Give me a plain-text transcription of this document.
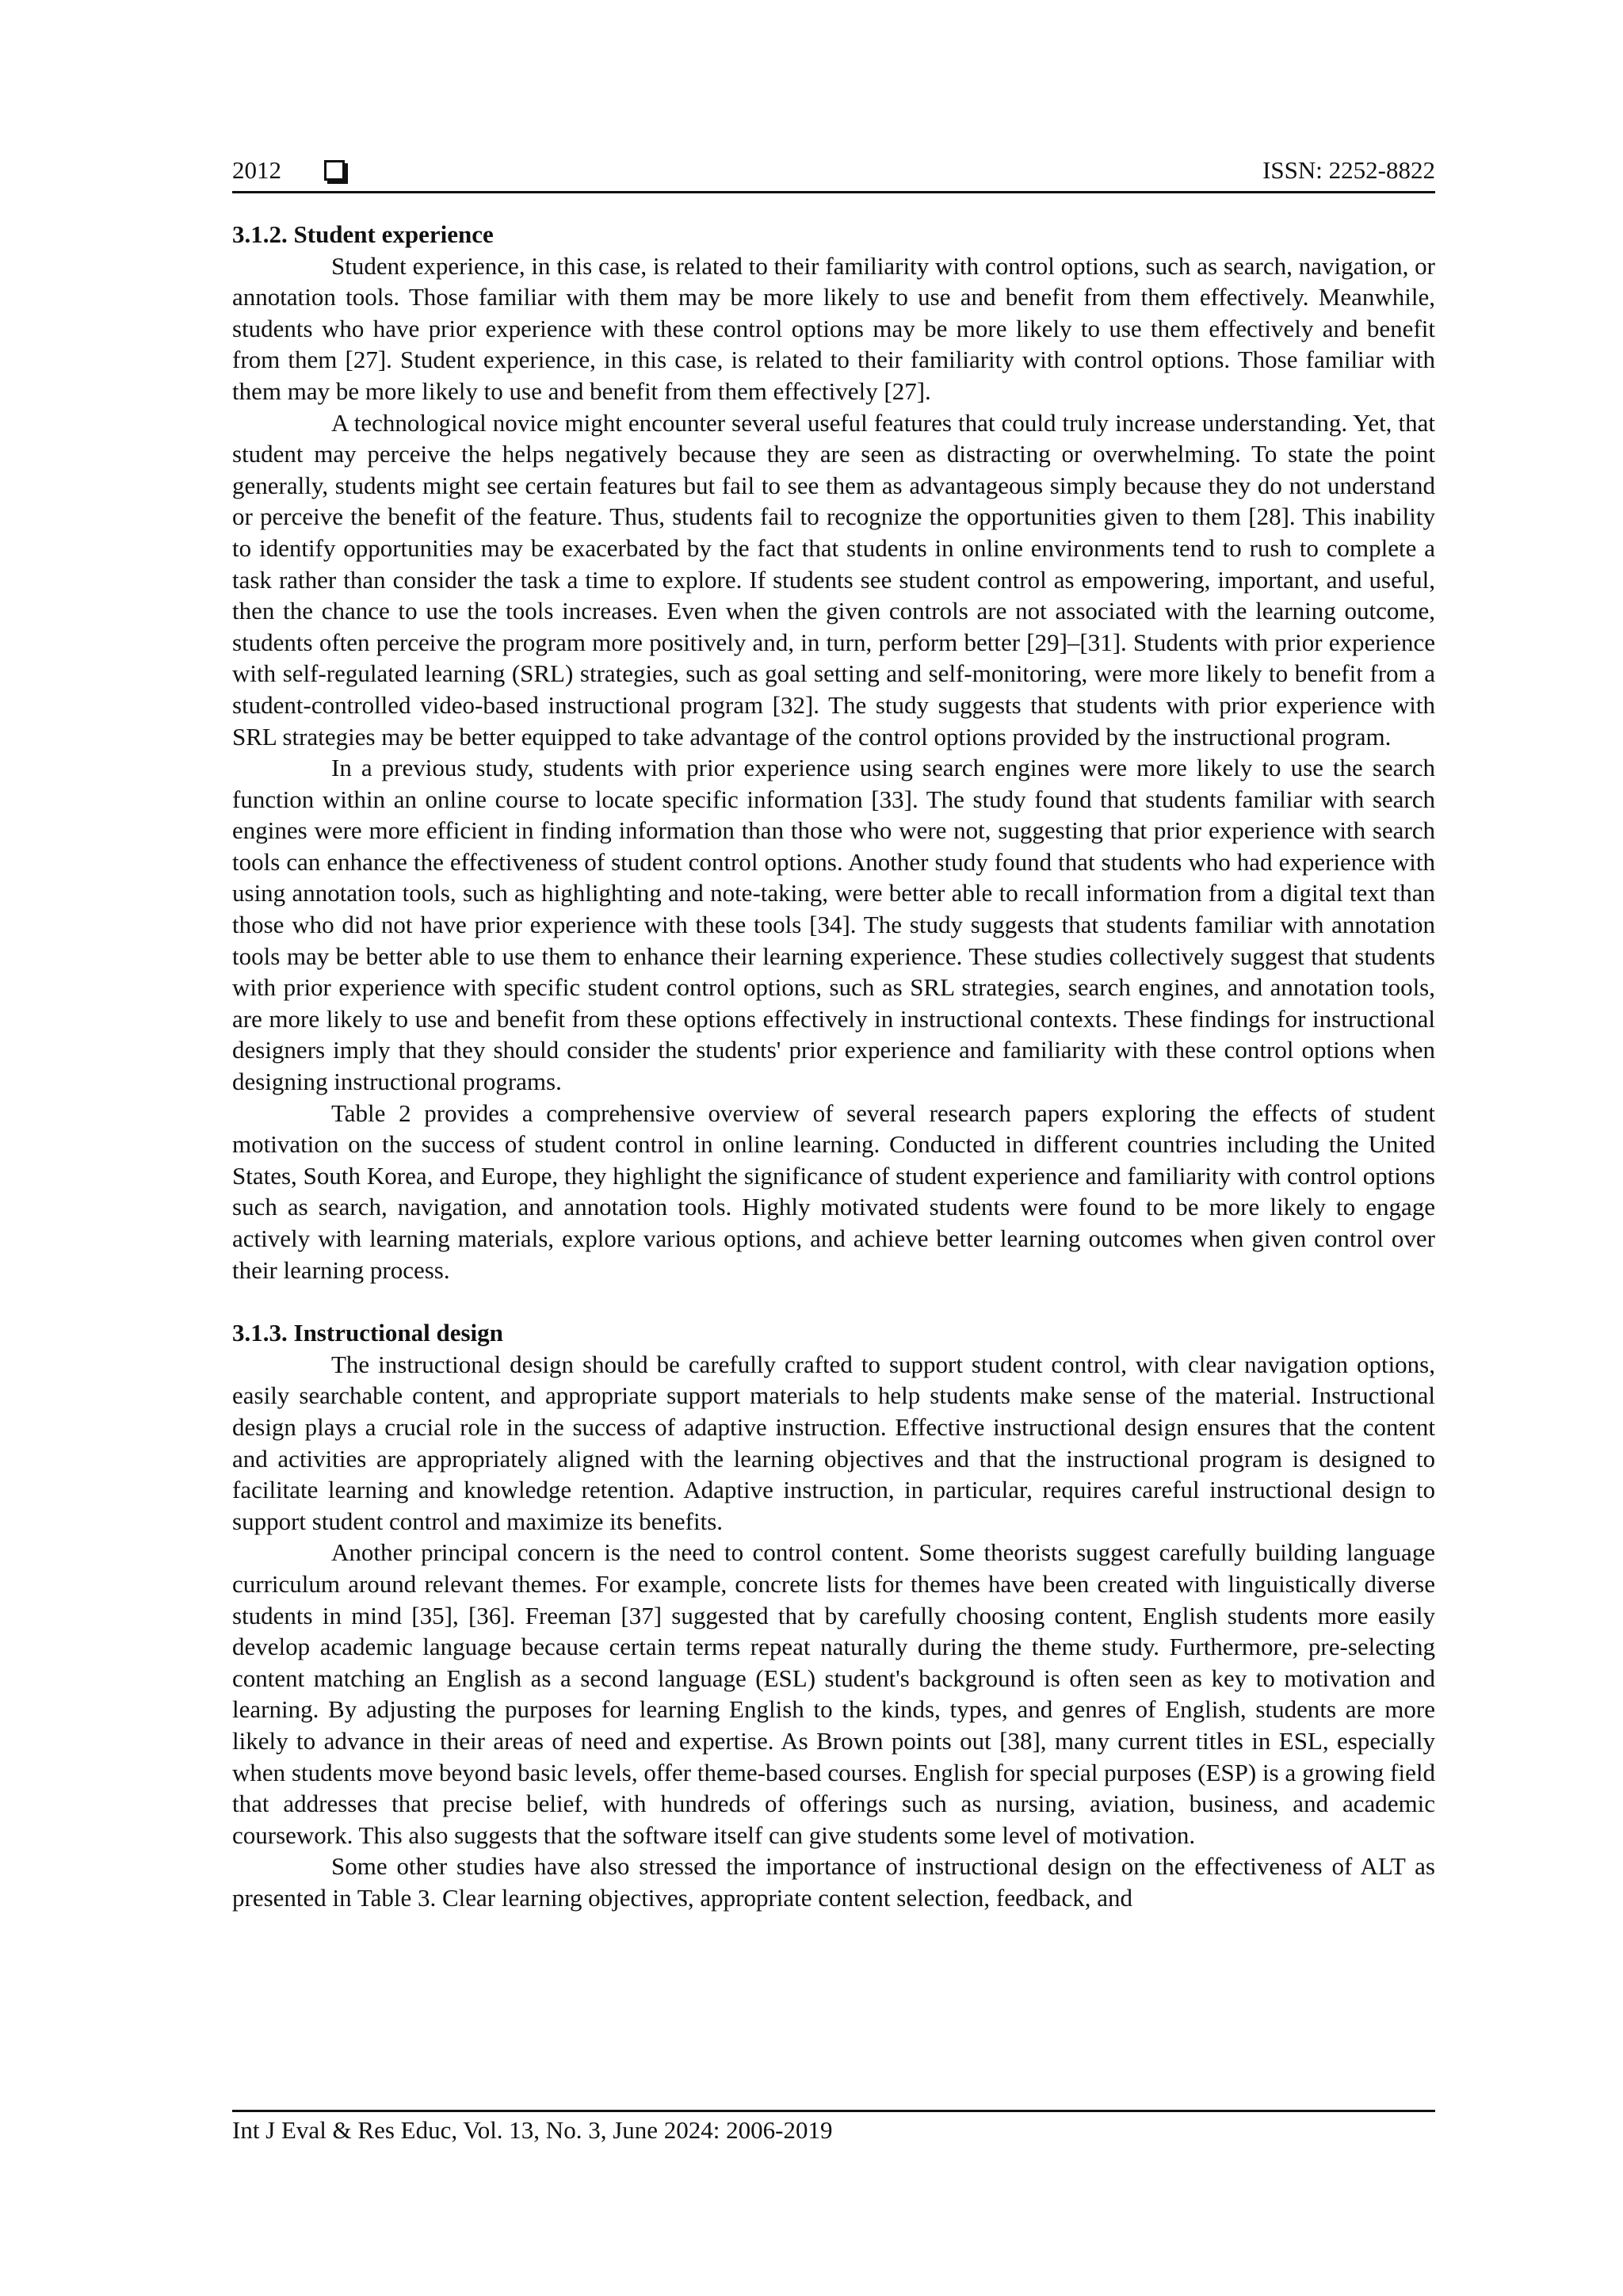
2012	ISSN: 2252-8822
3.1.2. Student experience

Student experience, in this case, is related to their familiarity with control options, such as search, navigation, or annotation tools. Those familiar with them may be more likely to use and benefit from them effectively. Meanwhile, students who have prior experience with these control options may be more likely to use them effectively and benefit from them [27]. Student experience, in this case, is related to their familiarity with control options. Those familiar with them may be more likely to use and benefit from them effectively [27].

A technological novice might encounter several useful features that could truly increase understanding. Yet, that student may perceive the helps negatively because they are seen as distracting or overwhelming. To state the point generally, students might see certain features but fail to see them as advantageous simply because they do not understand or perceive the benefit of the feature. Thus, students fail to recognize the opportunities given to them [28]. This inability to identify opportunities may be exacerbated by the fact that students in online environments tend to rush to complete a task rather than consider the task a time to explore. If students see student control as empowering, important, and useful, then the chance to use the tools increases. Even when the given controls are not associated with the learning outcome, students often perceive the program more positively and, in turn, perform better [29]–[31]. Students with prior experience with self-regulated learning (SRL) strategies, such as goal setting and self-monitoring, were more likely to benefit from a student-controlled video-based instructional program [32]. The study suggests that students with prior experience with SRL strategies may be better equipped to take advantage of the control options provided by the instructional program.

In a previous study, students with prior experience using search engines were more likely to use the search function within an online course to locate specific information [33]. The study found that students familiar with search engines were more efficient in finding information than those who were not, suggesting that prior experience with search tools can enhance the effectiveness of student control options. Another study found that students who had experience with using annotation tools, such as highlighting and note-taking, were better able to recall information from a digital text than those who did not have prior experience with these tools [34]. The study suggests that students familiar with annotation tools may be better able to use them to enhance their learning experience. These studies collectively suggest that students with prior experience with specific student control options, such as SRL strategies, search engines, and annotation tools, are more likely to use and benefit from these options effectively in instructional contexts. These findings for instructional designers imply that they should consider the students' prior experience and familiarity with these control options when designing instructional programs.

Table 2 provides a comprehensive overview of several research papers exploring the effects of student motivation on the success of student control in online learning. Conducted in different countries including the United States, South Korea, and Europe, they highlight the significance of student experience and familiarity with control options such as search, navigation, and annotation tools. Highly motivated students were found to be more likely to engage actively with learning materials, explore various options, and achieve better learning outcomes when given control over their learning process.

3.1.3. Instructional design

The instructional design should be carefully crafted to support student control, with clear navigation options, easily searchable content, and appropriate support materials to help students make sense of the material. Instructional design plays a crucial role in the success of adaptive instruction. Effective instructional design ensures that the content and activities are appropriately aligned with the learning objectives and that the instructional program is designed to facilitate learning and knowledge retention. Adaptive instruction, in particular, requires careful instructional design to support student control and maximize its benefits.

Another principal concern is the need to control content. Some theorists suggest carefully building language curriculum around relevant themes. For example, concrete lists for themes have been created with linguistically diverse students in mind [35], [36]. Freeman [37] suggested that by carefully choosing content, English students more easily develop academic language because certain terms repeat naturally during the theme study. Furthermore, pre-selecting content matching an English as a second language (ESL) student's background is often seen as key to motivation and learning. By adjusting the purposes for learning English to the kinds, types, and genres of English, students are more likely to advance in their areas of need and expertise. As Brown points out [38], many current titles in ESL, especially when students move beyond basic levels, offer theme-based courses. English for special purposes (ESP) is a growing field that addresses that precise belief, with hundreds of offerings such as nursing, aviation, business, and academic coursework. This also suggests that the software itself can give students some level of motivation.

Some other studies have also stressed the importance of instructional design on the effectiveness of ALT as presented in Table 3. Clear learning objectives, appropriate content selection, feedback, and

Int J Eval & Res Educ, Vol. 13, No. 3, June 2024: 2006-2019
